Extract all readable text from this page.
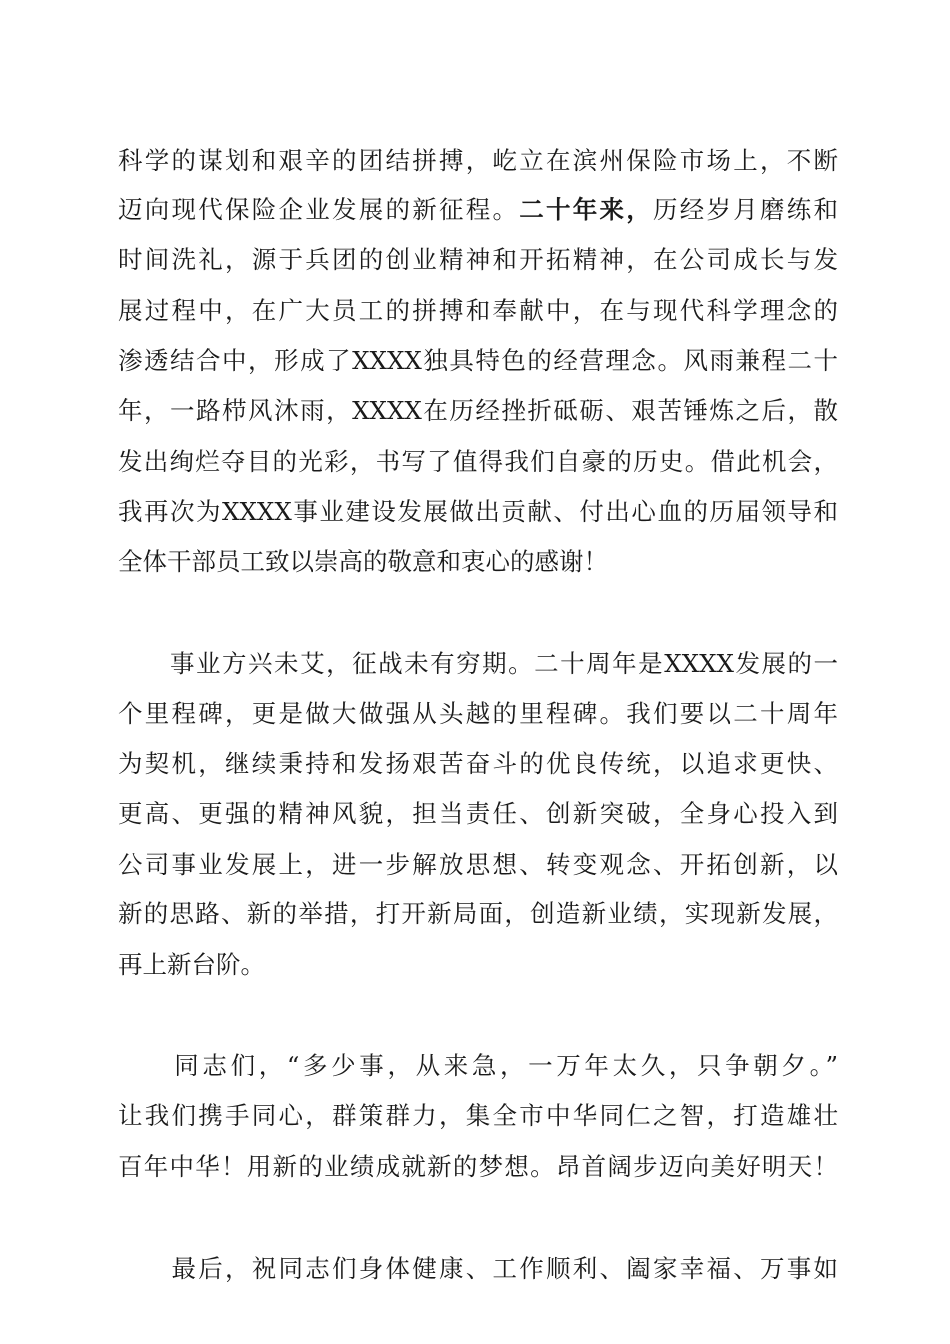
科学的谋划和艰辛的团结拼搏，屹立在滨州保险市场上，不断
迈向现代保险企业发展的新征程。二十年来，历经岁月磨练和
时间洗礼，源于兵团的创业精神和开拓精神，在公司成长与发
展过程中，在广大员工的拼搏和奉献中，在与现代科学理念的
渗透结合中，形成了XXXX独具特色的经营理念。风雨兼程二十
年，一路栉风沐雨，XXXX在历经挫折砥砺、艰苦锤炼之后，散
发出绚烂夺目的光彩，书写了值得我们自豪的历史。借此机会，
我再次为XXXX事业建设发展做出贡献、付出心血的历届领导和
全体干部员工致以崇高的敬意和衷心的感谢！
　　事业方兴未艾，征战未有穷期。二十周年是XXXX发展的一
个里程碑，更是做大做强从头越的里程碑。我们要以二十周年
为契机，继续秉持和发扬艰苦奋斗的优良传统，以追求更快、
更高、更强的精神风貌，担当责任、创新突破，全身心投入到
公司事业发展上，进一步解放思想、转变观念、开拓创新，以
新的思路、新的举措，打开新局面，创造新业绩，实现新发展，
再上新台阶。
　　同志们，“多少事，从来急，一万年太久，只争朝夕。”
让我们携手同心，群策群力，集全市中华同仁之智，打造雄壮
百年中华！用新的业绩成就新的梦想。昂首阔步迈向美好明天！
　　最后，祝同志们身体健康、工作顺利、阖家幸福、万事如
